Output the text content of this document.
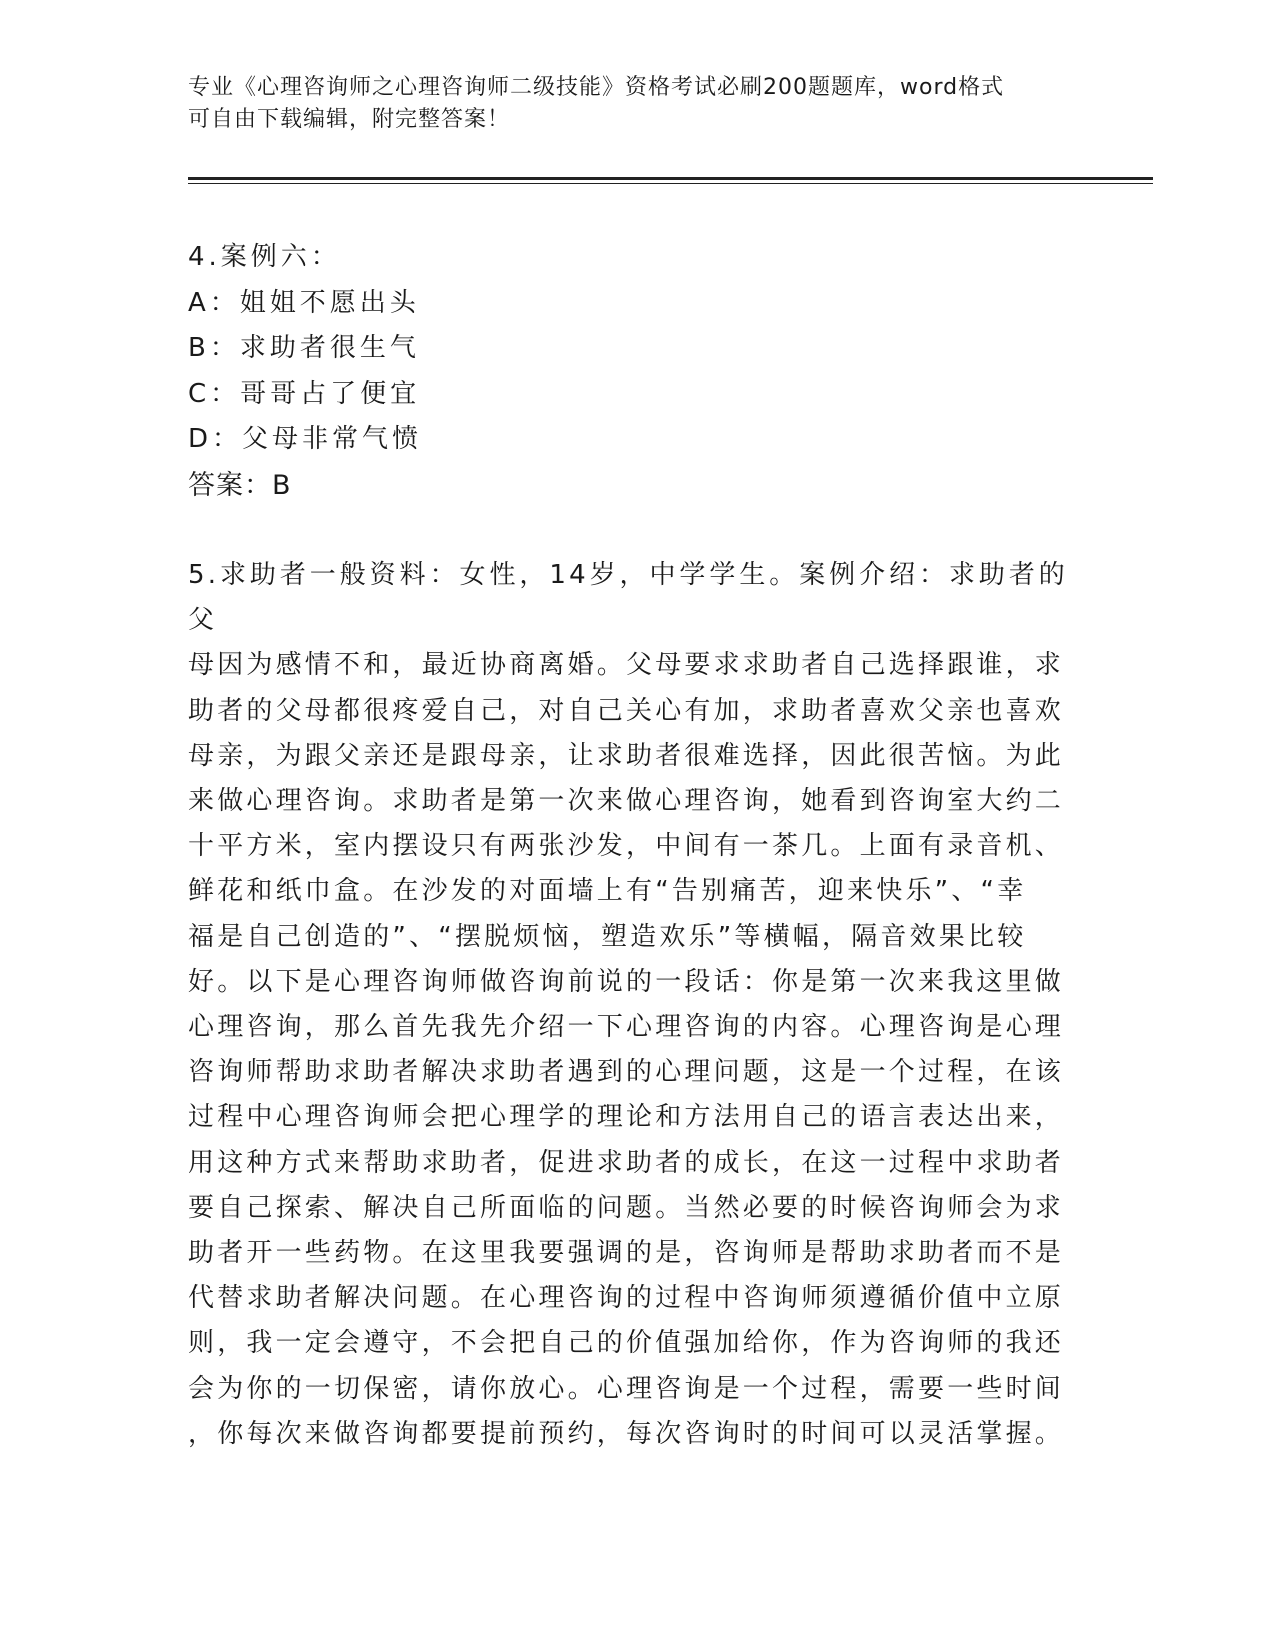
专业《心理咨询师之心理咨询师二级技能》资格考试必刷200题题库，word格式
可自由下载编辑，附完整答案！
4.案例六：
A：姐姐不愿出头
B：求助者很生气
C：哥哥占了便宜
D：父母非常气愤
答案：B
5.求助者一般资料：女性，14岁，中学学生。案例介绍：求助者的父
母因为感情不和，最近协商离婚。父母要求求助者自己选择跟谁，求
助者的父母都很疼爱自己，对自己关心有加，求助者喜欢父亲也喜欢
母亲，为跟父亲还是跟母亲，让求助者很难选择，因此很苦恼。为此
来做心理咨询。求助者是第一次来做心理咨询，她看到咨询室大约二
十平方米，室内摆设只有两张沙发，中间有一茶几。上面有录音机、
鲜花和纸巾盒。在沙发的对面墙上有“告别痛苦，迎来快乐”、“幸
福是自己创造的”、“摆脱烦恼，塑造欢乐”等横幅，隔音效果比较
好。以下是心理咨询师做咨询前说的一段话：你是第一次来我这里做
心理咨询，那么首先我先介绍一下心理咨询的内容。心理咨询是心理
咨询师帮助求助者解决求助者遇到的心理问题，这是一个过程，在该
过程中心理咨询师会把心理学的理论和方法用自己的语言表达出来，
用这种方式来帮助求助者，促进求助者的成长，在这一过程中求助者
要自己探索、解决自己所面临的问题。当然必要的时候咨询师会为求
助者开一些药物。在这里我要强调的是，咨询师是帮助求助者而不是
代替求助者解决问题。在心理咨询的过程中咨询师须遵循价值中立原
则，我一定会遵守，不会把自己的价值强加给你，作为咨询师的我还
会为你的一切保密，请你放心。心理咨询是一个过程，需要一些时间
，你每次来做咨询都要提前预约，每次咨询时的时间可以灵活掌握。
